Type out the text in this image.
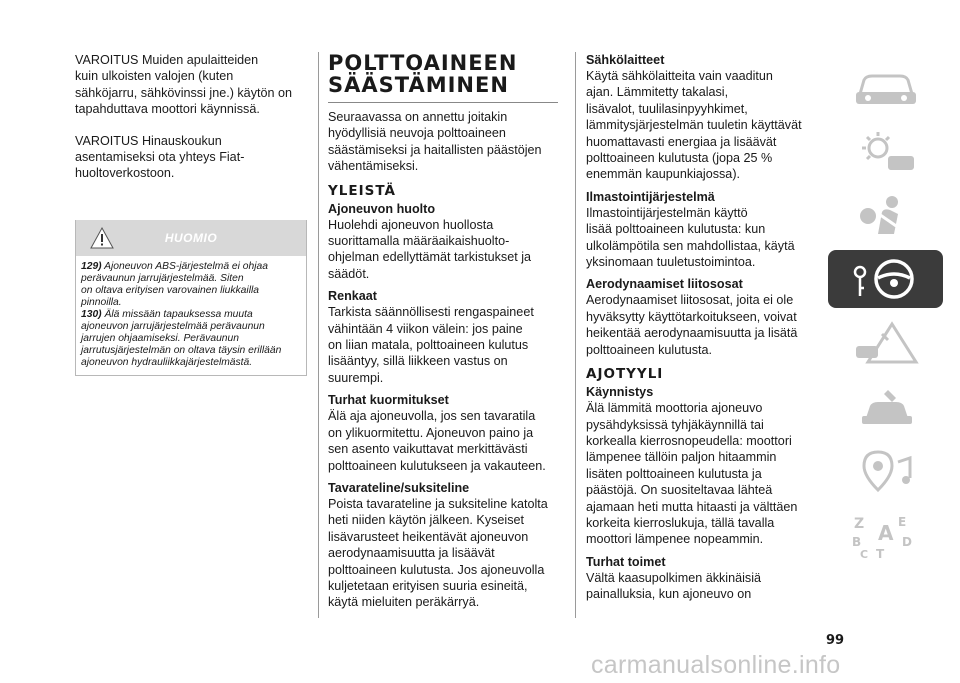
VAROITUS Muiden apulaitteiden
kuin ulkoisten valojen (kuten
sähköjarru, sähkövinssi jne.) käytön on
tapahduttava moottori käynnissä.

VAROITUS Hinauskoukun
asentamiseksi ota yhteys Fiat-
huoltoverkostoon.

HUOMIO

129) Ajoneuvon ABS-järjestelmä ei ohjaa
perävaunun jarrujärjestelmää. Siten
on oltava erityisen varovainen liukkailla
pinnoilla.

130) Älä missään tapauksessa muuta
ajoneuvon jarrujärjestelmää perävaunun
jarrujen ohjaamiseksi. Perävaunun
jarrutusjärjestelmän on oltava täysin erillään
ajoneuvon hydrauliikkajärjestelmästä.

POLTTOAINEEN
SÄÄSTÄMINEN

Seuraavassa on annettu joitakin
hyödyllisiä neuvoja polttoaineen
säästämiseksi ja haitallisten päästöjen
vähentämiseksi.

YLEISTÄ
Ajoneuvon huolto

Huolehdi ajoneuvon huollosta
suorittamalla määräaikaishuolto-
ohjelman edellyttämät tarkistukset ja
säädöt.

Renkaat

Tarkista säännöllisesti rengaspaineet
vähintään 4 viikon välein: jos paine
on liian matala, polttoaineen kulutus
lisääntyy, sillä liikkeen vastus on
suurempi.

Turhat kuormitukset

Älä aja ajoneuvolla, jos sen tavaratila
on ylikuormitettu. Ajoneuvon paino ja
sen asento vaikuttavat merkittävästi
polttoaineen kulutukseen ja vakauteen.

Tavarateline/suksiteline

Poista tavarateline ja suksiteline katolta
heti niiden käytön jälkeen. Kyseiset
lisävarusteet heikentävät ajoneuvon
aerodynaamisuutta ja lisäävät
polttoaineen kulutusta. Jos ajoneuvolla
kuljetetaan erityisen suuria esineitä,
käytä mieluiten peräkärryä.

Sähkölaitteet

Käytä sähkölaitteita vain vaaditun
ajan. Lämmitetty takalasi,
lisävalot, tuulilasinpyyhkimet,
lämmitysjärjestelmän tuuletin käyttävät
huomattavasti energiaa ja lisäävät
polttoaineen kulutusta (jopa 25 %
enemmän kaupunkiajossa).

Ilmastointijärjestelmä

Ilmastointijärjestelmän käyttö
lisää polttoaineen kulutusta: kun
ulkolämpötila sen mahdollistaa, käytä
yksinomaan tuuletustoimintoa.

Aerodynaamiset liitososat

Aerodynaamiset liitososat, joita ei ole
hyväksytty käyttötarkoitukseen, voivat
heikentää aerodynaamisuutta ja lisätä
polttoaineen kulutusta.

AJOTYYLI
Käynnistys

Älä lämmitä moottoria ajoneuvo
pysähdyksissä tyhjäkäynnillä tai
korkealla kierrosnopeudella: moottori
lämpenee tällöin paljon hitaammin
lisäten polttoaineen kulutusta ja
päästöjä. On suositeltavaa lähteä
ajamaan heti mutta hitaasti ja välttäen
korkeita kierroslukuja, tällä tavalla
moottori lämpenee nopeammin.

Turhat toimet

Vältä kaasupolkimen äkkinäisiä
painalluksia, kun ajoneuvo on

Z	E
A
B	D
C T
99
carmanualsonline.info
